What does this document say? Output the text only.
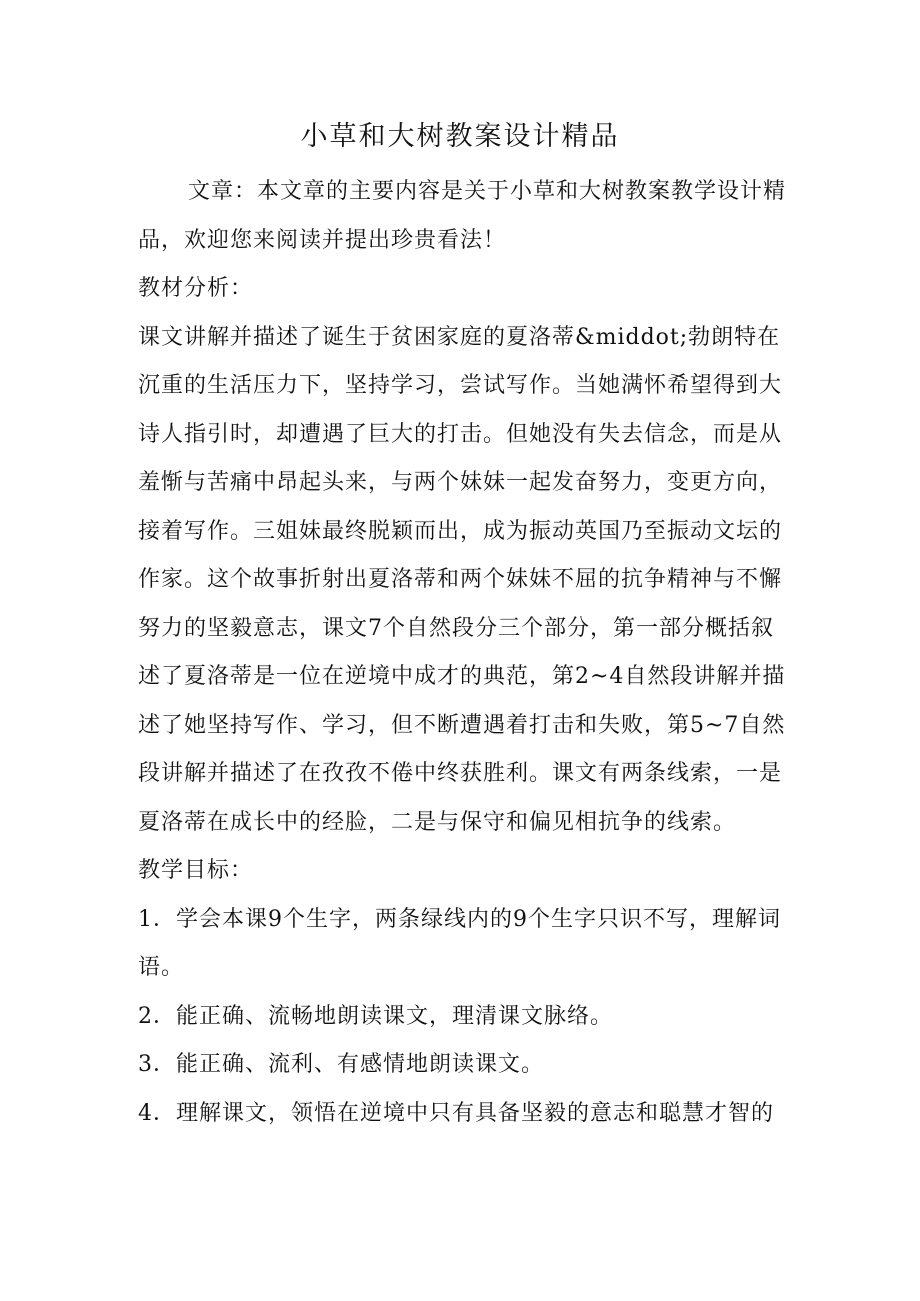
小草和大树教案设计精品

文章：本文章的主要内容是关于小草和大树教案教学设计精品，欢迎您来阅读并提出珍贵看法！

教材分析：

课文讲解并描述了诞生于贫困家庭的夏洛蒂&middot;勃朗特在沉重的生活压力下，坚持学习，尝试写作。当她满怀希望得到大诗人指引时，却遭遇了巨大的打击。但她没有失去信念，而是从羞惭与苦痛中昂起头来，与两个妹妹一起发奋努力，变更方向，接着写作。三姐妹最终脱颖而出，成为振动英国乃至振动文坛的作家。这个故事折射出夏洛蒂和两个妹妹不屈的抗争精神与不懈努力的坚毅意志，课文7个自然段分三个部分，第一部分概括叙述了夏洛蒂是一位在逆境中成才的典范，第2~4自然段讲解并描述了她坚持写作、学习，但不断遭遇着打击和失败，第5~7自然段讲解并描述了在孜孜不倦中终获胜利。课文有两条线索，一是夏洛蒂在成长中的经脸，二是与保守和偏见相抗争的线索。

教学目标：

1．学会本课9个生字，两条绿线内的9个生字只识不写，理解词语。

2．能正确、流畅地朗读课文，理清课文脉络。

3．能正确、流利、有感情地朗读课文。

4．理解课文，领悟在逆境中只有具备坚毅的意志和聪慧才智的
